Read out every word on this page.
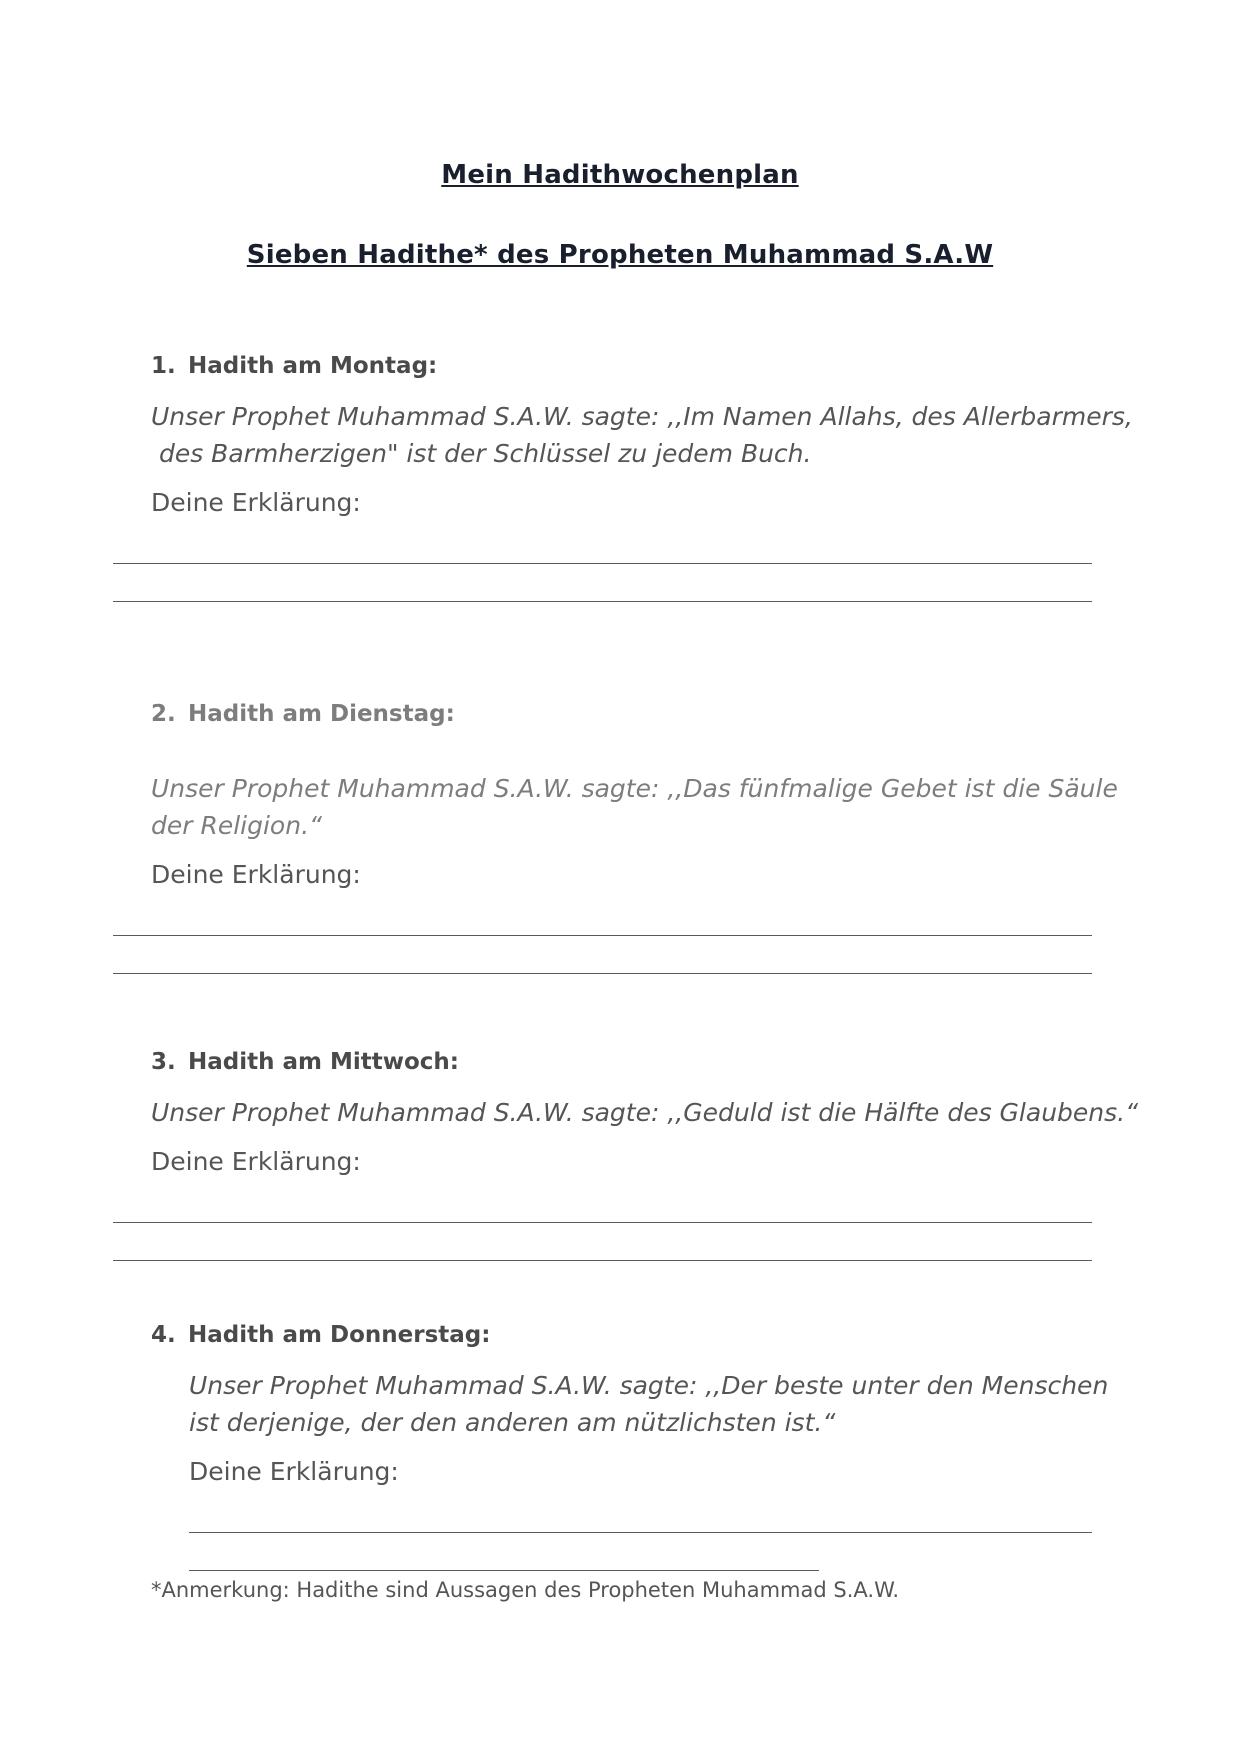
Mein Hadithwochenplan
Sieben Hadithe* des Propheten Muhammad S.A.W
1. Hadith am Montag:
Unser Prophet Muhammad S.A.W. sagte: ,,Im Namen Allahs, des Allerbarmers,
des Barmherzigen" ist der Schlüssel zu jedem Buch.
Deine Erklärung:
2. Hadith am Dienstag:
Unser Prophet Muhammad S.A.W. sagte: ,,Das fünfmalige Gebet ist die Säule
der Religion.“
Deine Erklärung:
3. Hadith am Mittwoch:
Unser Prophet Muhammad S.A.W. sagte: ,,Geduld ist die Hälfte des Glaubens.“
Deine Erklärung:
4. Hadith am Donnerstag:
Unser Prophet Muhammad S.A.W. sagte: ,,Der beste unter den Menschen
ist derjenige, der den anderen am nützlichsten ist.“
Deine Erklärung:
*Anmerkung: Hadithe sind Aussagen des Propheten Muhammad S.A.W.
